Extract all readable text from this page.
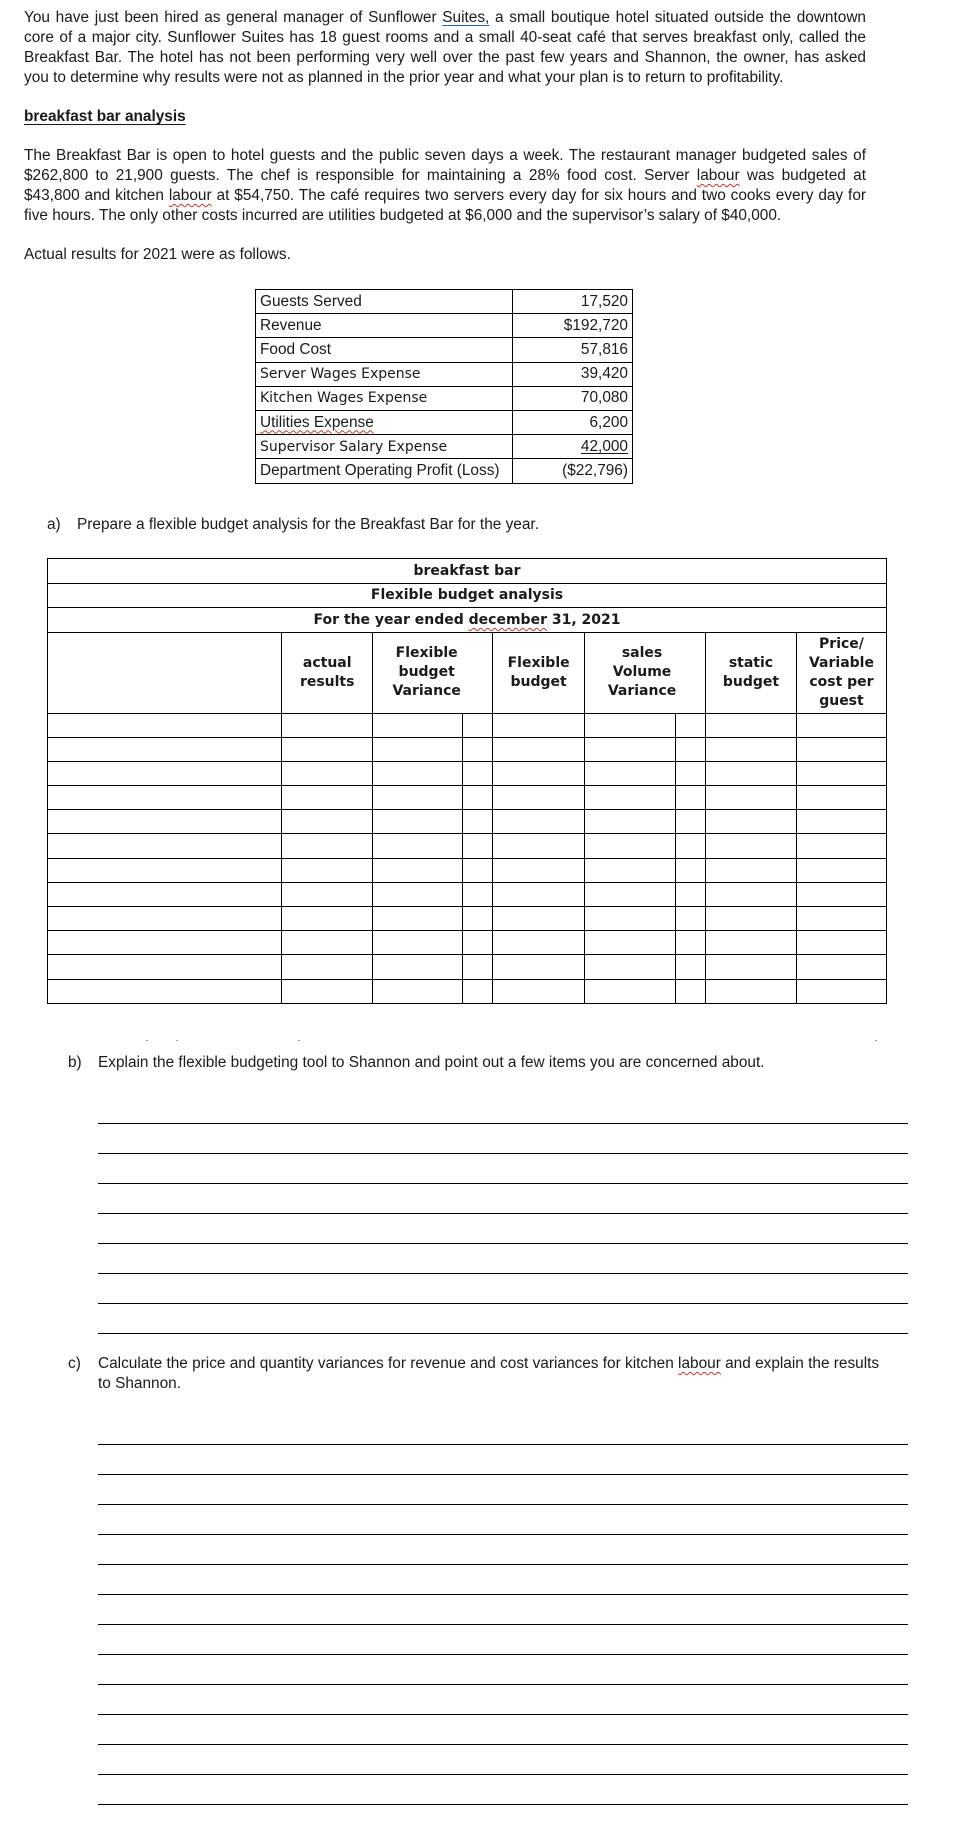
You have just been hired as general manager of Sunflower Suites, a small boutique hotel situated outside the downtown core of a major city. Sunflower Suites has 18 guest rooms and a small 40-seat café that serves breakfast only, called the Breakfast Bar. The hotel has not been performing very well over the past few years and Shannon, the owner, has asked you to determine why results were not as planned in the prior year and what your plan is to return to profitability.

breakfast bar analysis

The Breakfast Bar is open to hotel guests and the public seven days a week. The restaurant manager budgeted sales of $262,800 to 21,900 guests. The chef is responsible for maintaining a 28% food cost. Server labour was budgeted at $43,800 and kitchen labour at $54,750. The café requires two servers every day for six hours and two cooks every day for five hours. The only other costs incurred are utilities budgeted at $6,000 and the supervisor’s salary of $40,000.

Actual results for 2021 were as follows.

Guests Served	17,520
Revenue	$192,720
Food Cost	57,816
Server Wages Expense	39,420
Kitchen Wages Expense	70,080
Utilities Expense	6,200
Supervisor Salary Expense	42,000
Department Operating Profit (Loss)	($22,796)

a) Prepare a flexible budget analysis for the Breakfast Bar for the year.

breakfast bar								
Flexible budget analysis								
For the year ended december 31, 2021								
	actual results	Flexible budget Variance		Flexible budget	sales Volume Variance		static budget	Price/ Variable cost per guest

b) Explain the flexible budgeting tool to Shannon and point out a few items you are concerned about.

c)	Calculate the price and quantity variances for revenue and cost variances for kitchen labour and explain the results to Shannon.
